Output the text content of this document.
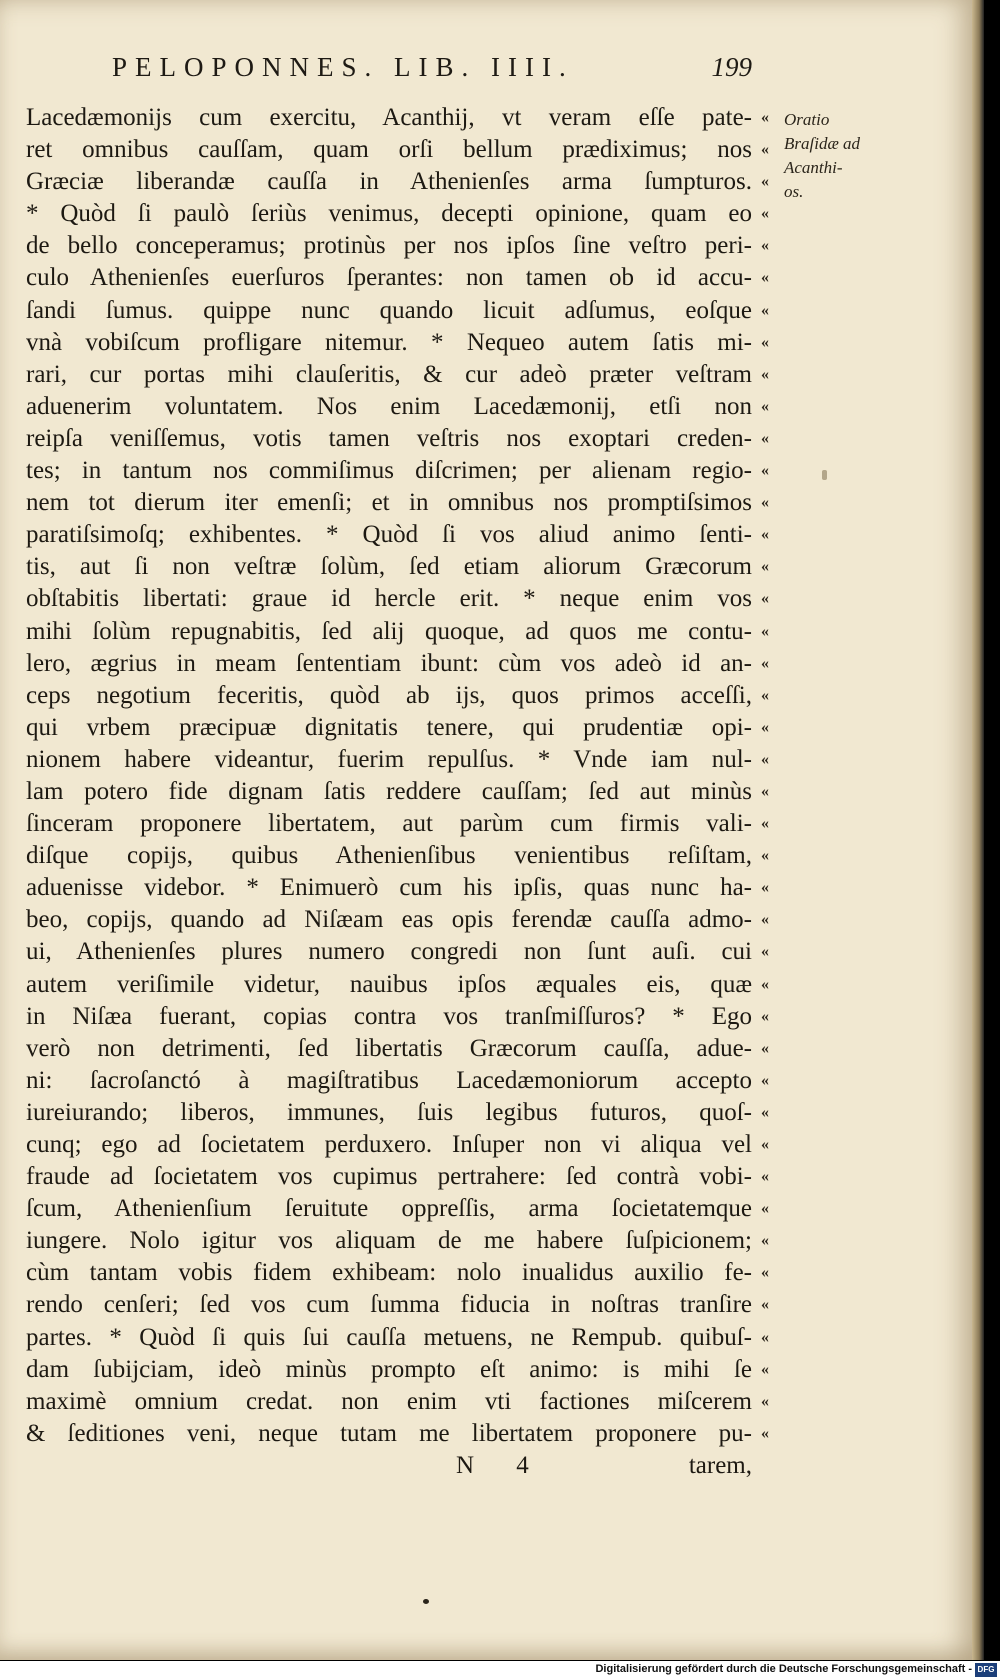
PELOPONNES. LIB. IIII.	199
Lacedæmonijs cum exercitu, Acanthij, vt veram eſſe pate-
ret omnibus cauſſam, quam orſi bellum prædiximus; nos
Græciæ liberandæ cauſſa in Athenienſes arma ſumpturos.
* Quòd ſi paulò ſeriùs venimus, decepti opinione, quam eo
de bello conceperamus; protinùs per nos ipſos ſine veſtro peri-
culo Athenienſes euerſuros ſperantes: non tamen ob id accu-
ſandi ſumus. quippe nunc quando licuit adſumus, eoſque
vnà vobiſcum profligare nitemur. * Nequeo autem ſatis mi-
rari, cur portas mihi clauſeritis, & cur adeò præter veſtram
aduenerim voluntatem. Nos enim Lacedæmonij, etſi non
reipſa veniſſemus, votis tamen veſtris nos exoptari creden-
tes; in tantum nos commiſimus diſcrimen; per alienam regio-
nem tot dierum iter emenſi; et in omnibus nos promptiſsimos
paratiſsimoſq; exhibentes. * Quòd ſi vos aliud animo ſenti-
tis, aut ſi non veſtræ ſolùm, ſed etiam aliorum Græcorum
obſtabitis libertati: graue id hercle erit. * neque enim vos
mihi ſolùm repugnabitis, ſed alij quoque, ad quos me contu-
lero, ægrius in meam ſententiam ibunt: cùm vos adeò id an-
ceps negotium feceritis, quòd ab ijs, quos primos acceſſi,
qui vrbem præcipuæ dignitatis tenere, qui prudentiæ opi-
nionem habere videantur, fuerim repulſus. * Vnde iam nul-
lam potero fide dignam ſatis reddere cauſſam; ſed aut minùs
ſinceram proponere libertatem, aut parùm cum firmis vali-
diſque copijs, quibus Athenienſibus venientibus reſiſtam,
aduenisse videbor. * Enimuerò cum his ipſis, quas nunc ha-
beo, copijs, quando ad Niſæam eas opis ferendæ cauſſa admo-
ui, Athenienſes plures numero congredi non ſunt auſi. cui
autem veriſimile videtur, nauibus ipſos æquales eis, quæ
in Niſæa fuerant, copias contra vos tranſmiſſuros? * Ego
verò non detrimenti, ſed libertatis Græcorum cauſſa, adue-
ni: ſacroſanctó à magiſtratibus Lacedæmoniorum accepto
iureiurando; liberos, immunes, ſuis legibus futuros, quoſ-
cunq; ego ad ſocietatem perduxero. Inſuper non vi aliqua vel
fraude ad ſocietatem vos cupimus pertrahere: ſed contrà vobi-
ſcum, Athenienſium ſeruitute oppreſſis, arma ſocietatemque
iungere. Nolo igitur vos aliquam de me habere ſuſpicionem;
cùm tantam vobis fidem exhibeam: nolo inualidus auxilio fe-
rendo cenſeri; ſed vos cum ſumma fiducia in noſtras tranſire
partes. * Quòd ſi quis ſui cauſſa metuens, ne Rempub. quibuſ-
dam ſubijciam, ideò minùs prompto eſt animo: is mihi ſe
maximè omnium credat. non enim vti factiones miſcerem
& ſeditiones veni, neque tutam me libertatem proponere pu-
«
«
«
«
«
«
«
«
«
«
«
«
«
«
«
«
«
«
«
«
«
«
«
«
«
«
«
«
«
«
«
«
«
«
«
«
«
«
«
«
«
«
Oratio
Braſidæ ad
Acanthi-
os.
N 4	tarem,
Digitalisierung gefördert durch die Deutsche Forschungsgemeinschaft - DFG
